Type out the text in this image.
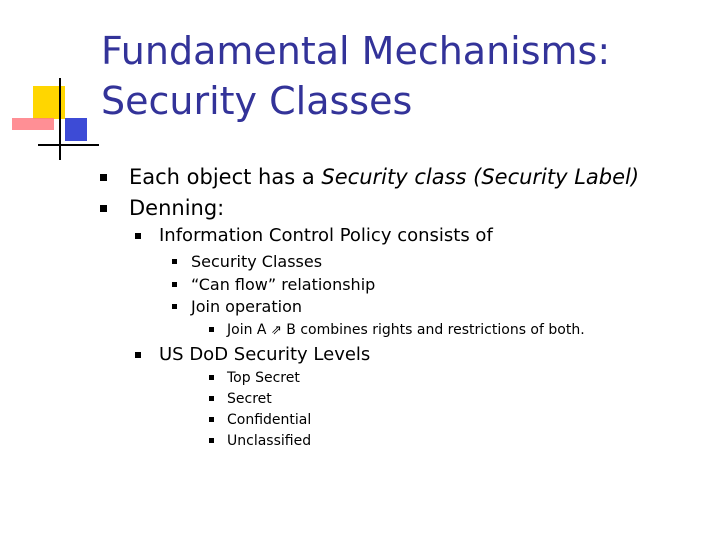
Fundamental Mechanisms:
Security Classes
Each object has a Security class (Security Label)
Denning:
Information Control Policy consists of
Security Classes
“Can flow” relationship
Join operation
Join A ⇗ B combines rights and restrictions of both.
US DoD Security Levels
Top Secret
Secret
Confidential
Unclassified
